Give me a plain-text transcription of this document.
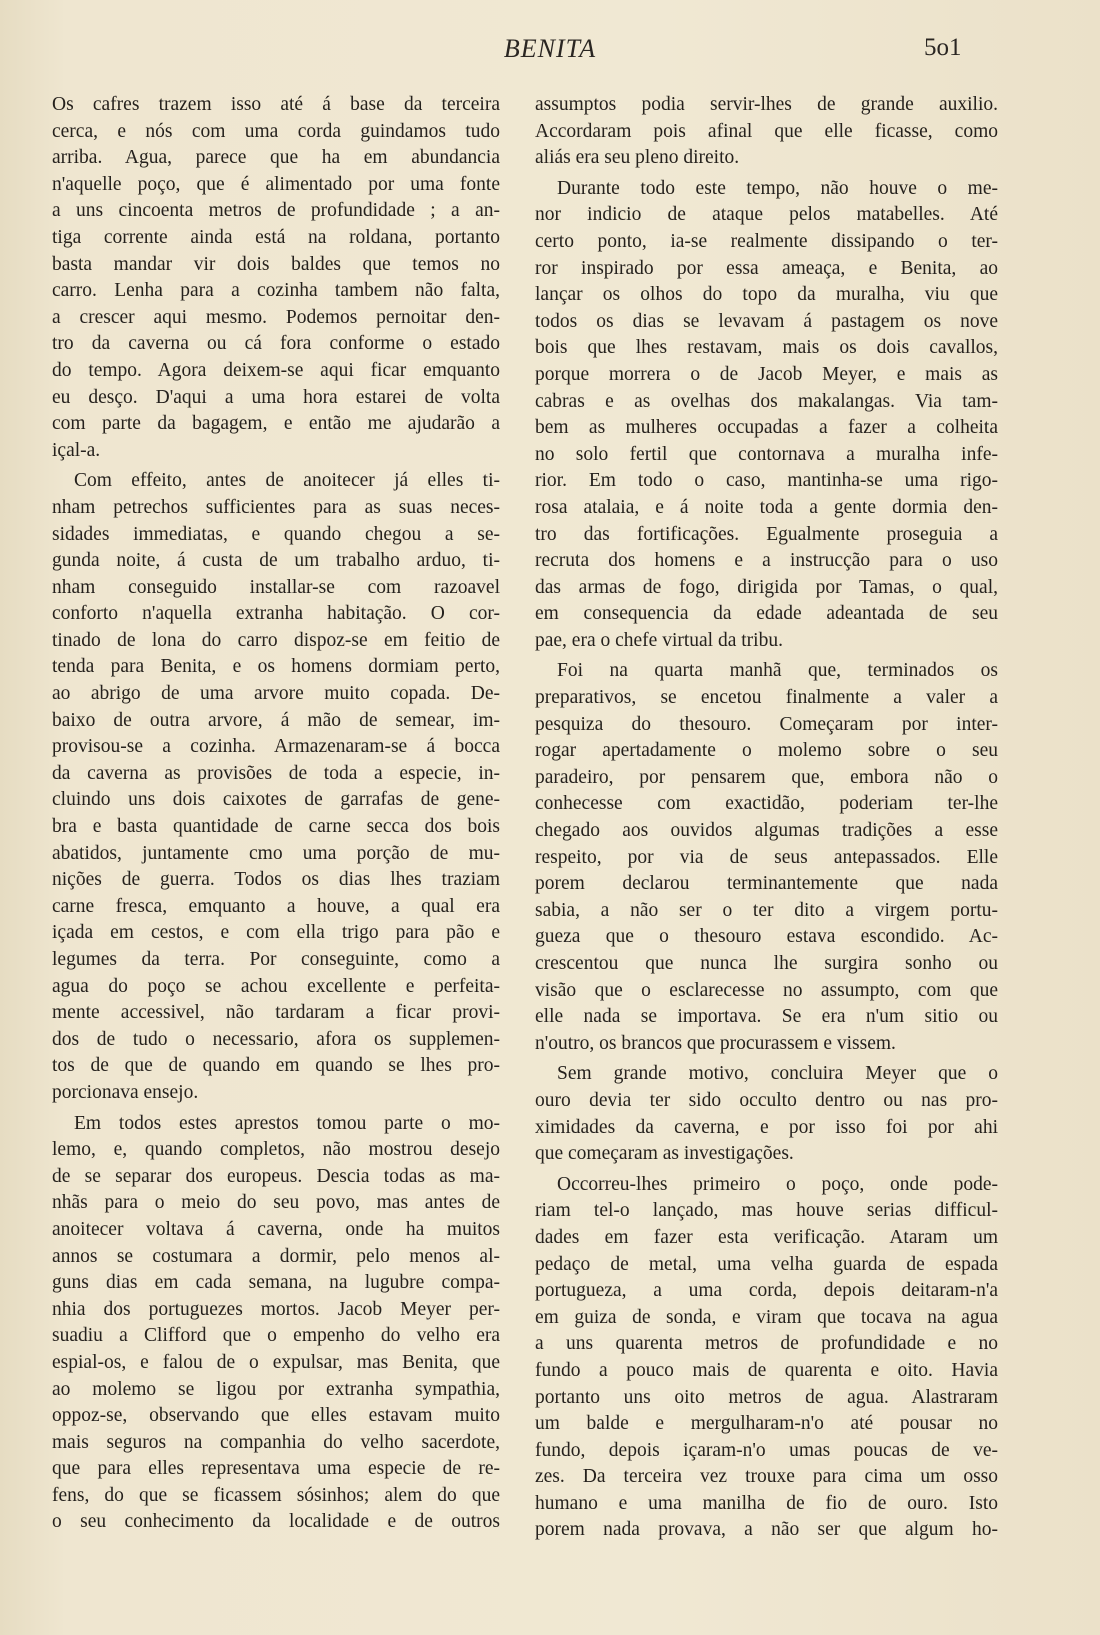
BENITA	5o1
Os cafres trazem isso até á base da terceira
cerca, e nós com uma corda guindamos tudo
arriba. Agua, parece que ha em abundancia
n'aquelle poço, que é alimentado por uma fonte
a uns cincoenta metros de profundidade ; a an-
tiga corrente ainda está na roldana, portanto
basta mandar vir dois baldes que temos no
carro. Lenha para a cozinha tambem não falta,
a crescer aqui mesmo. Podemos pernoitar den-
tro da caverna ou cá fora conforme o estado
do tempo. Agora deixem-se aqui ficar emquanto
eu desço. D'aqui a uma hora estarei de volta
com parte da bagagem, e então me ajudarão a
içal-a.
Com effeito, antes de anoitecer já elles ti-
nham petrechos sufficientes para as suas neces-
sidades immediatas, e quando chegou a se-
gunda noite, á custa de um trabalho arduo, ti-
nham conseguido installar-se com razoavel
conforto n'aquella extranha habitação. O cor-
tinado de lona do carro dispoz-se em feitio de
tenda para Benita, e os homens dormiam perto,
ao abrigo de uma arvore muito copada. De-
baixo de outra arvore, á mão de semear, im-
provisou-se a cozinha. Armazenaram-se á bocca
da caverna as provisões de toda a especie, in-
cluindo uns dois caixotes de garrafas de gene-
bra e basta quantidade de carne secca dos bois
abatidos, juntamente cmo uma porção de mu-
nições de guerra. Todos os dias lhes traziam
carne fresca, emquanto a houve, a qual era
içada em cestos, e com ella trigo para pão e
legumes da terra. Por conseguinte, como a
agua do poço se achou excellente e perfeita-
mente accessivel, não tardaram a ficar provi-
dos de tudo o necessario, afora os supplemen-
tos de que de quando em quando se lhes pro-
porcionava ensejo.
Em todos estes aprestos tomou parte o mo-
lemo, e, quando completos, não mostrou desejo
de se separar dos europeus. Descia todas as ma-
nhãs para o meio do seu povo, mas antes de
anoitecer voltava á caverna, onde ha muitos
annos se costumara a dormir, pelo menos al-
guns dias em cada semana, na lugubre compa-
nhia dos portuguezes mortos. Jacob Meyer per-
suadiu a Clifford que o empenho do velho era
espial-os, e falou de o expulsar, mas Benita, que
ao molemo se ligou por extranha sympathia,
oppoz-se, observando que elles estavam muito
mais seguros na companhia do velho sacerdote,
que para elles representava uma especie de re-
fens, do que se ficassem sósinhos; alem do que
o seu conhecimento da localidade e de outros
assumptos podia servir-lhes de grande auxilio.
Accordaram pois afinal que elle ficasse, como
aliás era seu pleno direito.
Durante todo este tempo, não houve o me-
nor indicio de ataque pelos matabelles. Até
certo ponto, ia-se realmente dissipando o ter-
ror inspirado por essa ameaça, e Benita, ao
lançar os olhos do topo da muralha, viu que
todos os dias se levavam á pastagem os nove
bois que lhes restavam, mais os dois cavallos,
porque morrera o de Jacob Meyer, e mais as
cabras e as ovelhas dos makalangas. Via tam-
bem as mulheres occupadas a fazer a colheita
no solo fertil que contornava a muralha infe-
rior. Em todo o caso, mantinha-se uma rigo-
rosa atalaia, e á noite toda a gente dormia den-
tro das fortificações. Egualmente proseguia a
recruta dos homens e a instrucção para o uso
das armas de fogo, dirigida por Tamas, o qual,
em consequencia da edade adeantada de seu
pae, era o chefe virtual da tribu.
Foi na quarta manhã que, terminados os
preparativos, se encetou finalmente a valer a
pesquiza do thesouro. Começaram por inter-
rogar apertadamente o molemo sobre o seu
paradeiro, por pensarem que, embora não o
conhecesse com exactidão, poderiam ter-lhe
chegado aos ouvidos algumas tradições a esse
respeito, por via de seus antepassados. Elle
porem declarou terminantemente que nada
sabia, a não ser o ter dito a virgem portu-
gueza que o thesouro estava escondido. Ac-
crescentou que nunca lhe surgira sonho ou
visão que o esclarecesse no assumpto, com que
elle nada se importava. Se era n'um sitio ou
n'outro, os brancos que procurassem e vissem.
Sem grande motivo, concluira Meyer que o
ouro devia ter sido occulto dentro ou nas pro-
ximidades da caverna, e por isso foi por ahi
que começaram as investigações.
Occorreu-lhes primeiro o poço, onde pode-
riam tel-o lançado, mas houve serias difficul-
dades em fazer esta verificação. Ataram um
pedaço de metal, uma velha guarda de espada
portugueza, a uma corda, depois deitaram-n'a
em guiza de sonda, e viram que tocava na agua
a uns quarenta metros de profundidade e no
fundo a pouco mais de quarenta e oito. Havia
portanto uns oito metros de agua. Alastraram
um balde e mergulharam-n'o até pousar no
fundo, depois içaram-n'o umas poucas de ve-
zes. Da terceira vez trouxe para cima um osso
humano e uma manilha de fio de ouro. Isto
porem nada provava, a não ser que algum ho-
